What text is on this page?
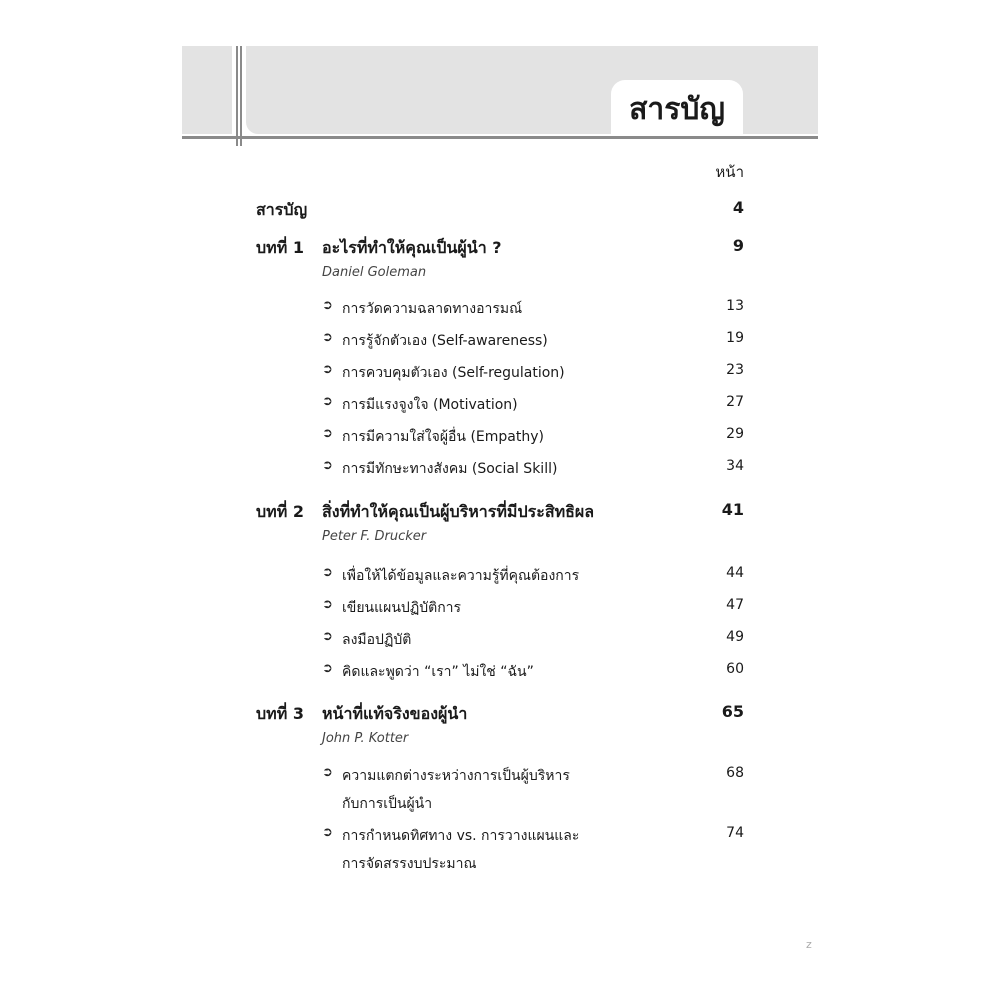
สารบัญ
หน้า
สารบัญ	4
บทที่ 1 อะไรที่ทำให้คุณเป็นผู้นำ ?	9
Daniel Goleman
➲ การวัดความฉลาดทางอารมณ์	13
➲ การรู้จักตัวเอง (Self-awareness)	19
➲ การควบคุมตัวเอง (Self-regulation)	23
➲ การมีแรงจูงใจ (Motivation)	27
➲ การมีความใส่ใจผู้อื่น (Empathy)	29
➲ การมีทักษะทางสังคม (Social Skill)	34
บทที่ 2 สิ่งที่ทำให้คุณเป็นผู้บริหารที่มีประสิทธิผล	41
Peter F. Drucker
➲ เพื่อให้ได้ข้อมูลและความรู้ที่คุณต้องการ	44
➲ เขียนแผนปฏิบัติการ	47
➲ ลงมือปฏิบัติ	49
➲ คิดและพูดว่า “เรา” ไม่ใช่ “ฉัน”	60
บทที่ 3 หน้าที่แท้จริงของผู้นำ	65
John P. Kotter
➲ ความแตกต่างระหว่างการเป็นผู้บริหาร	68
กับการเป็นผู้นำ
➲ การกำหนดทิศทาง vs. การวางแผนและ	74
การจัดสรรงบประมาณ
z
